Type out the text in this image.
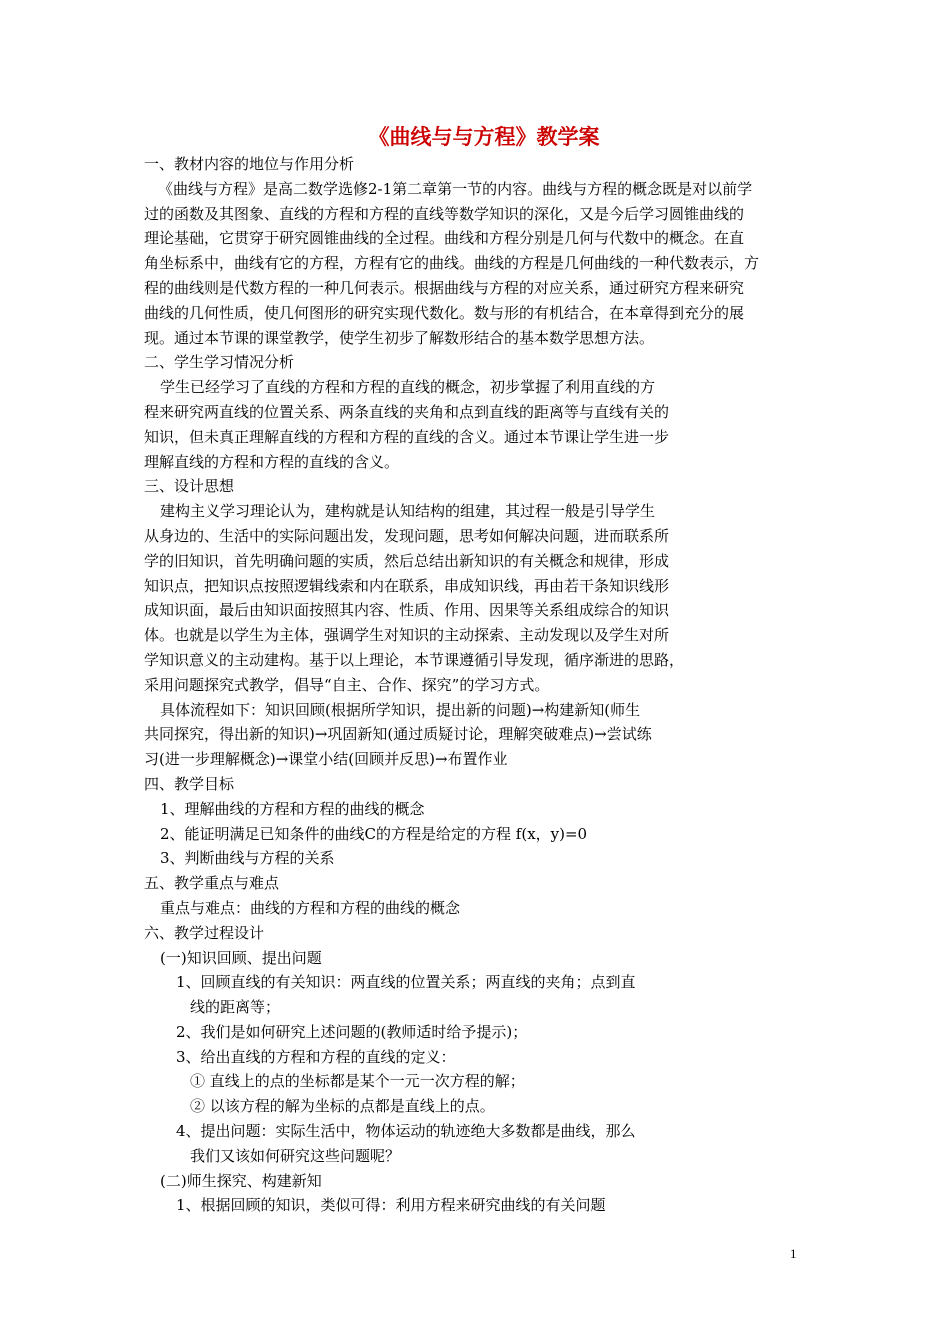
《曲线与与方程》教学案
一、教材内容的地位与作用分析
《曲线与方程》是高二数学选修2-1第二章第一节的内容。曲线与方程的概念既是对以前学
过的函数及其图象、直线的方程和方程的直线等数学知识的深化，又是今后学习圆锥曲线的
理论基础，它贯穿于研究圆锥曲线的全过程。曲线和方程分别是几何与代数中的概念。在直
角坐标系中，曲线有它的方程，方程有它的曲线。曲线的方程是几何曲线的一种代数表示，方
程的曲线则是代数方程的一种几何表示。根据曲线与方程的对应关系，通过研究方程来研究
曲线的几何性质，使几何图形的研究实现代数化。数与形的有机结合，在本章得到充分的展
现。通过本节课的课堂教学，使学生初步了解数形结合的基本数学思想方法。
二、学生学习情况分析
学生已经学习了直线的方程和方程的直线的概念，初步掌握了利用直线的方
程来研究两直线的位置关系、两条直线的夹角和点到直线的距离等与直线有关的
知识，但未真正理解直线的方程和方程的直线的含义。通过本节课让学生进一步
理解直线的方程和方程的直线的含义。
三、设计思想
建构主义学习理论认为，建构就是认知结构的组建，其过程一般是引导学生
从身边的、生活中的实际问题出发，发现问题，思考如何解决问题，进而联系所
学的旧知识，首先明确问题的实质，然后总结出新知识的有关概念和规律，形成
知识点，把知识点按照逻辑线索和内在联系，串成知识线，再由若干条知识线形
成知识面，最后由知识面按照其内容、性质、作用、因果等关系组成综合的知识
体。也就是以学生为主体，强调学生对知识的主动探索、主动发现以及学生对所
学知识意义的主动建构。基于以上理论，本节课遵循引导发现，循序渐进的思路，
采用问题探究式教学，倡导“自主、合作、探究”的学习方式。
具体流程如下：知识回顾(根据所学知识，提出新的问题)→构建新知(师生
共同探究，得出新的知识)→巩固新知(通过质疑讨论，理解突破难点)→尝试练
习(进一步理解概念)→课堂小结(回顾并反思)→布置作业
四、教学目标
1、理解曲线的方程和方程的曲线的概念
2、能证明满足已知条件的曲线C的方程是给定的方程 f(x，y)=0
3、判断曲线与方程的关系
五、教学重点与难点
重点与难点：曲线的方程和方程的曲线的概念
六、教学过程设计
(一)知识回顾、提出问题
1、回顾直线的有关知识：两直线的位置关系；两直线的夹角；点到直
线的距离等；
2、我们是如何研究上述问题的(教师适时给予提示)；
3、给出直线的方程和方程的直线的定义：
① 直线上的点的坐标都是某个一元一次方程的解；
② 以该方程的解为坐标的点都是直线上的点。
4、提出问题：实际生活中，物体运动的轨迹绝大多数都是曲线，那么
我们又该如何研究这些问题呢？
(二)师生探究、构建新知
1、根据回顾的知识，类似可得：利用方程来研究曲线的有关问题
1
